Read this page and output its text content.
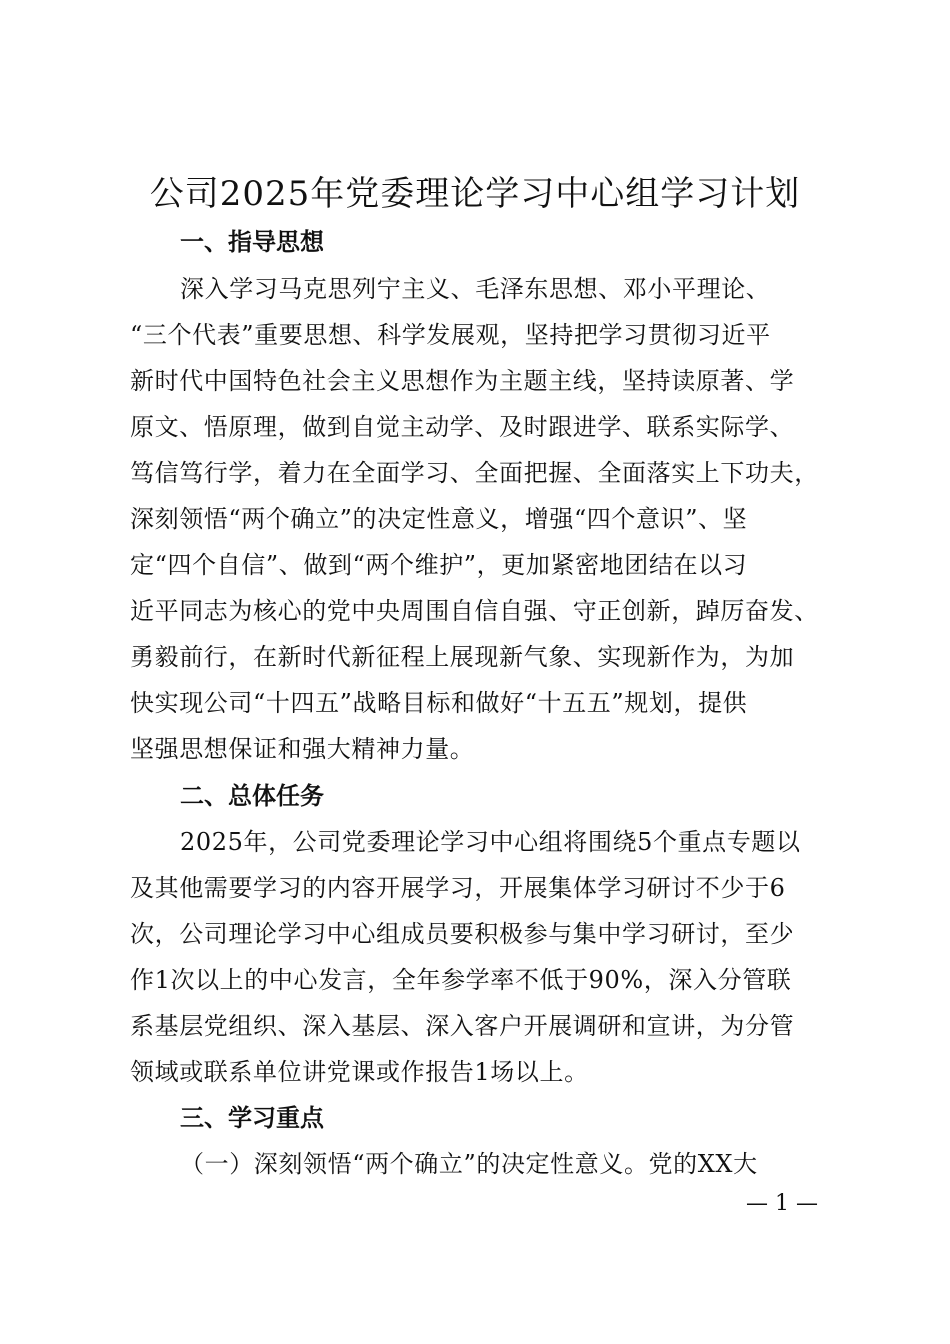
公司2025年党委理论学习中心组学习计划
一、指导思想
深入学习马克思列宁主义、毛泽东思想、邓小平理论、
“三个代表”重要思想、科学发展观，坚持把学习贯彻习近平
新时代中国特色社会主义思想作为主题主线，坚持读原著、学
原文、悟原理，做到自觉主动学、及时跟进学、联系实际学、
笃信笃行学，着力在全面学习、全面把握、全面落实上下功夫，
深刻领悟“两个确立”的决定性意义，增强“四个意识”、坚
定“四个自信”、做到“两个维护”，更加紧密地团结在以习
近平同志为核心的党中央周围自信自强、守正创新，踔厉奋发、
勇毅前行，在新时代新征程上展现新气象、实现新作为，为加
快实现公司“十四五”战略目标和做好“十五五”规划，提供
坚强思想保证和强大精神力量。
二、总体任务
2025年，公司党委理论学习中心组将围绕5个重点专题以
及其他需要学习的内容开展学习，开展集体学习研讨不少于6
次，公司理论学习中心组成员要积极参与集中学习研讨，至少
作1次以上的中心发言，全年参学率不低于90%，深入分管联
系基层党组织、深入基层、深入客户开展调研和宣讲，为分管
领域或联系单位讲党课或作报告1场以上。
三、学习重点
（一）深刻领悟“两个确立”的决定性意义。党的XX大
— 1 —
